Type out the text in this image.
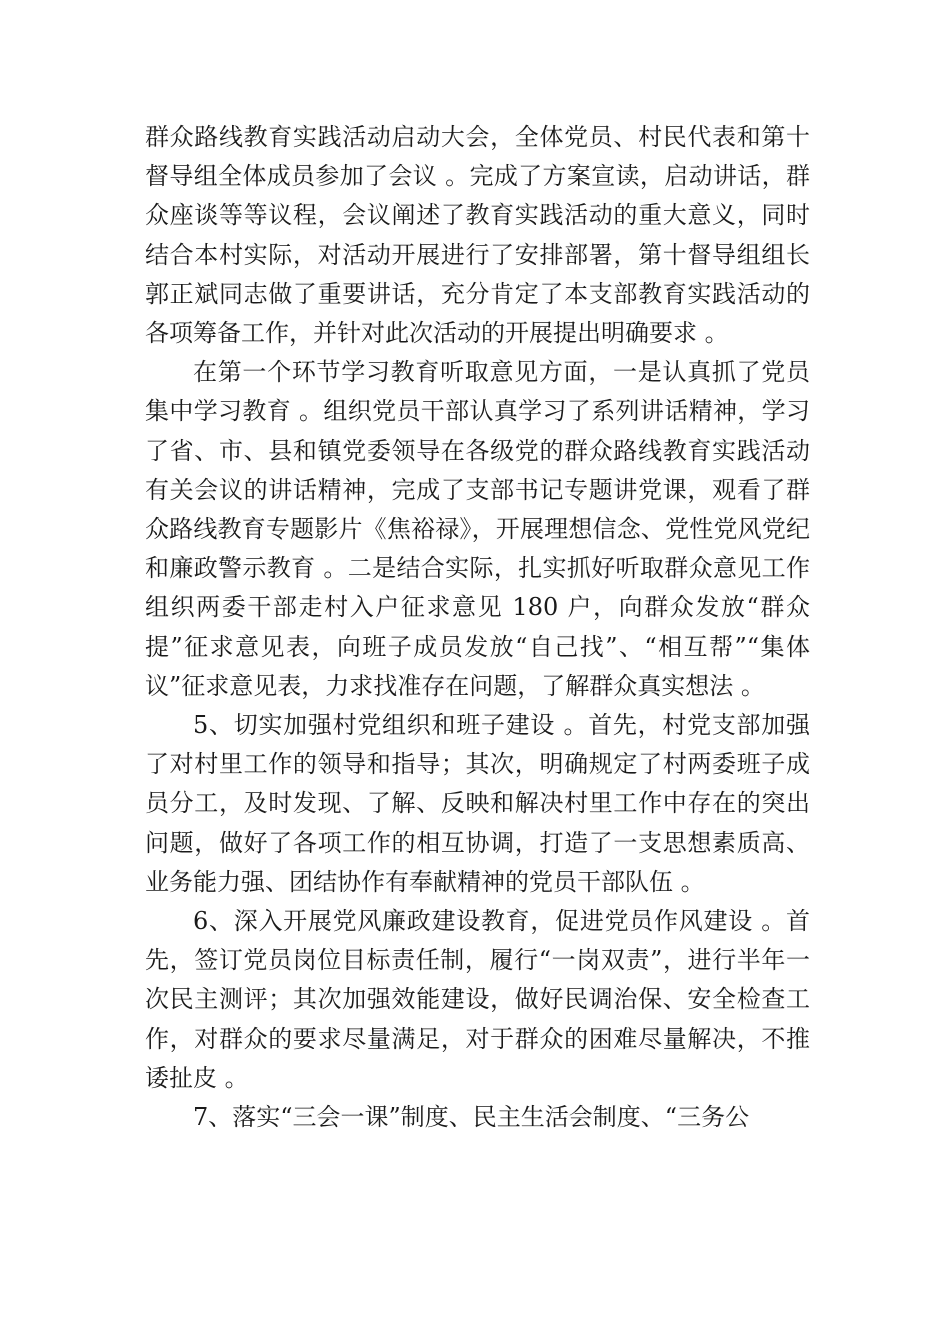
群众路线教育实践活动启动大会，全体党员、村民代表和第十督导组全体成员参加了会议 。完成了方案宣读，启动讲话，群众座谈等等议程，会议阐述了教育实践活动的重大意义，同时结合本村实际，对活动开展进行了安排部署，第十督导组组长郭正斌同志做了重要讲话，充分肯定了本支部教育实践活动的各项筹备工作，并针对此次活动的开展提出明确要求 。

在第一个环节学习教育听取意见方面，一是认真抓了党员集中学习教育 。组织党员干部认真学习了系列讲话精神，学习了省、市、县和镇党委领导在各级党的群众路线教育实践活动有关会议的讲话精神，完成了支部书记专题讲党课，观看了群众路线教育专题影片《焦裕禄》，开展理想信念、党性党风党纪和廉政警示教育 。二是结合实际，扎实抓好听取群众意见工作组织两委干部走村入户征求意见 180 户，向群众发放“群众提”征求意见表，向班子成员发放“自己找”、“相互帮”“集体议”征求意见表，力求找准存在问题，了解群众真实想法 。

5、切实加强村党组织和班子建设 。首先，村党支部加强了对村里工作的领导和指导；其次，明确规定了村两委班子成员分工，及时发现、了解、反映和解决村里工作中存在的突出问题，做好了各项工作的相互协调，打造了一支思想素质高、业务能力强、团结协作有奉献精神的党员干部队伍 。

6、深入开展党风廉政建设教育，促进党员作风建设 。首先，签订党员岗位目标责任制，履行“一岗双责”，进行半年一次民主测评；其次加强效能建设，做好民调治保、安全检查工作，对群众的要求尽量满足，对于群众的困难尽量解决，不推诿扯皮 。

7、落实“三会一课”制度、民主生活会制度、“三务公
